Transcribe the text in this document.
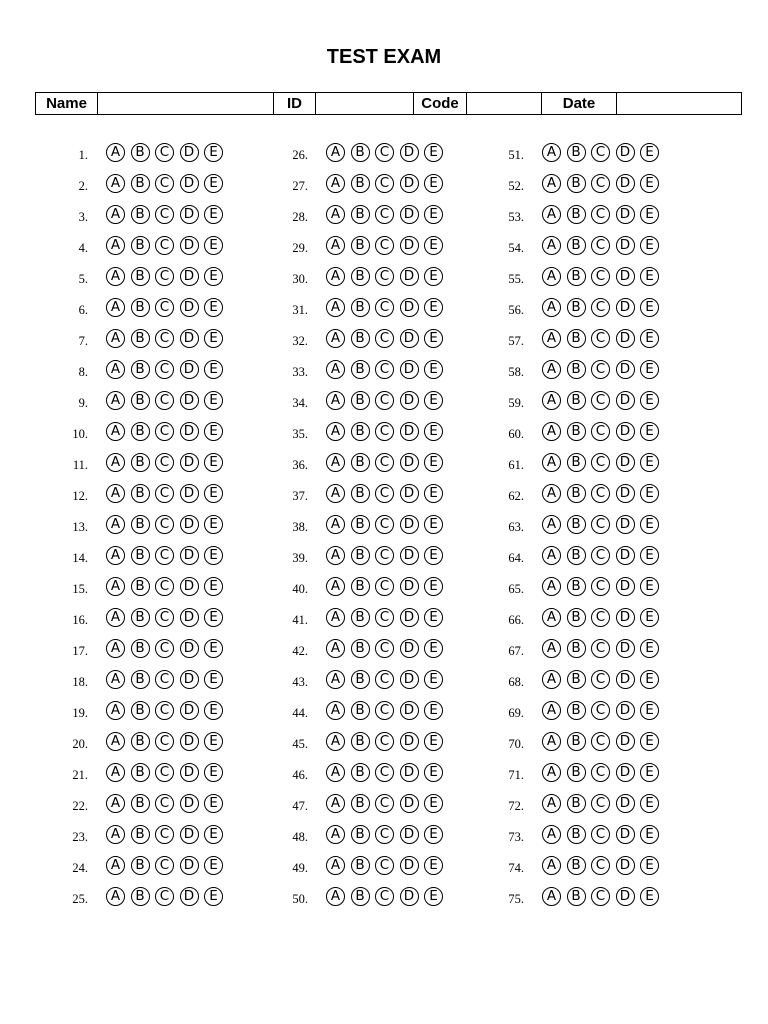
TEST EXAM
Name		ID		Code		Date	
1.	A	B	C	D	E
2.	A	B	C	D	E
3.	A	B	C	D	E
4.	A	B	C	D	E
5.	A	B	C	D	E
6.	A	B	C	D	E
7.	A	B	C	D	E
8.	A	B	C	D	E
9.	A	B	C	D	E
10.	A	B	C	D	E
11.	A	B	C	D	E
12.	A	B	C	D	E
13.	A	B	C	D	E
14.	A	B	C	D	E
15.	A	B	C	D	E
16.	A	B	C	D	E
17.	A	B	C	D	E
18.	A	B	C	D	E
19.	A	B	C	D	E
20.	A	B	C	D	E
21.	A	B	C	D	E
22.	A	B	C	D	E
23.	A	B	C	D	E
24.	A	B	C	D	E
25.	A	B	C	D	E
26.	A	B	C	D	E
27.	A	B	C	D	E
28.	A	B	C	D	E
29.	A	B	C	D	E
30.	A	B	C	D	E
31.	A	B	C	D	E
32.	A	B	C	D	E
33.	A	B	C	D	E
34.	A	B	C	D	E
35.	A	B	C	D	E
36.	A	B	C	D	E
37.	A	B	C	D	E
38.	A	B	C	D	E
39.	A	B	C	D	E
40.	A	B	C	D	E
41.	A	B	C	D	E
42.	A	B	C	D	E
43.	A	B	C	D	E
44.	A	B	C	D	E
45.	A	B	C	D	E
46.	A	B	C	D	E
47.	A	B	C	D	E
48.	A	B	C	D	E
49.	A	B	C	D	E
50.	A	B	C	D	E
51.	A	B	C	D	E
52.	A	B	C	D	E
53.	A	B	C	D	E
54.	A	B	C	D	E
55.	A	B	C	D	E
56.	A	B	C	D	E
57.	A	B	C	D	E
58.	A	B	C	D	E
59.	A	B	C	D	E
60.	A	B	C	D	E
61.	A	B	C	D	E
62.	A	B	C	D	E
63.	A	B	C	D	E
64.	A	B	C	D	E
65.	A	B	C	D	E
66.	A	B	C	D	E
67.	A	B	C	D	E
68.	A	B	C	D	E
69.	A	B	C	D	E
70.	A	B	C	D	E
71.	A	B	C	D	E
72.	A	B	C	D	E
73.	A	B	C	D	E
74.	A	B	C	D	E
75.	A	B	C	D	E
